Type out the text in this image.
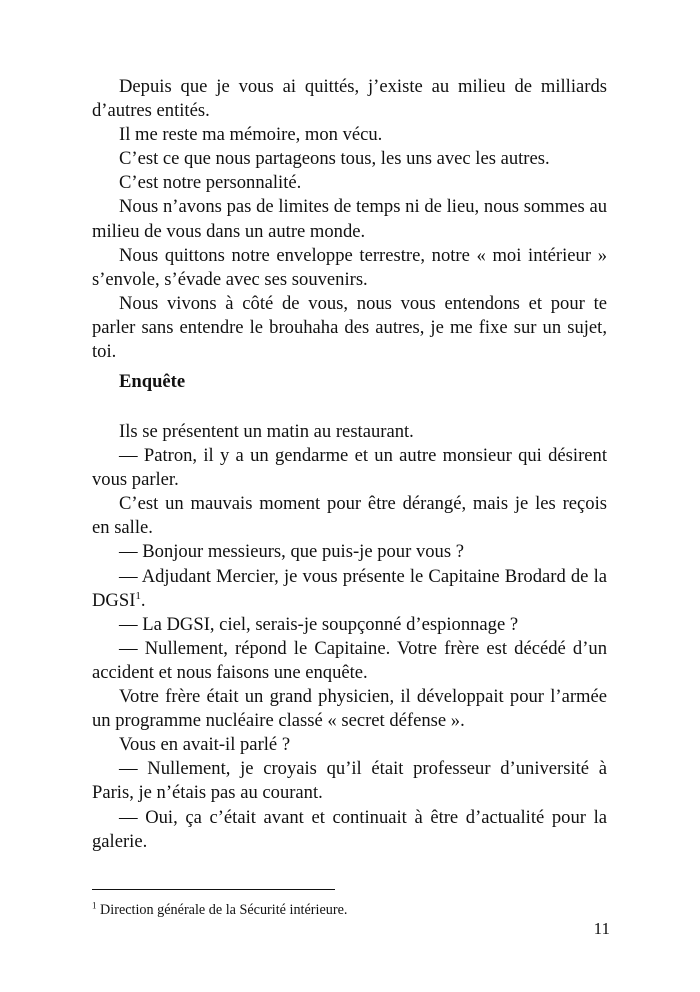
Depuis que je vous ai quittés, j’existe au milieu de milliards d’autres entités.

Il me reste ma mémoire, mon vécu.

C’est ce que nous partageons tous, les uns avec les autres.

C’est notre personnalité.

Nous n’avons pas de limites de temps ni de lieu, nous sommes au milieu de vous dans un autre monde.

Nous quittons notre enveloppe terrestre, notre « moi intérieur » s’envole, s’évade avec ses souvenirs.

Nous vivons à côté de vous, nous vous entendons et pour te parler sans entendre le brouhaha des autres, je me fixe sur un sujet, toi.

Enquête

Ils se présentent un matin au restaurant.

— Patron, il y a un gendarme et un autre monsieur qui désirent vous parler.

C’est un mauvais moment pour être dérangé, mais je les reçois en salle.

— Bonjour messieurs, que puis-je pour vous ?

— Adjudant Mercier, je vous présente le Capitaine Brodard de la DGSI$^1$.

— La DGSI, ciel, serais-je soupçonné d’espionnage ?

— Nullement, répond le Capitaine. Votre frère est décédé d’un accident et nous faisons une enquête.

Votre frère était un grand physicien, il développait pour l’armée un programme nucléaire classé « secret défense ».

Vous en avait-il parlé ?

— Nullement, je croyais qu’il était professeur d’université à Paris, je n’étais pas au courant.

— Oui, ça c’était avant et continuait à être d’actualité pour la galerie.

$^1$ Direction générale de la Sécurité intérieure.

11
